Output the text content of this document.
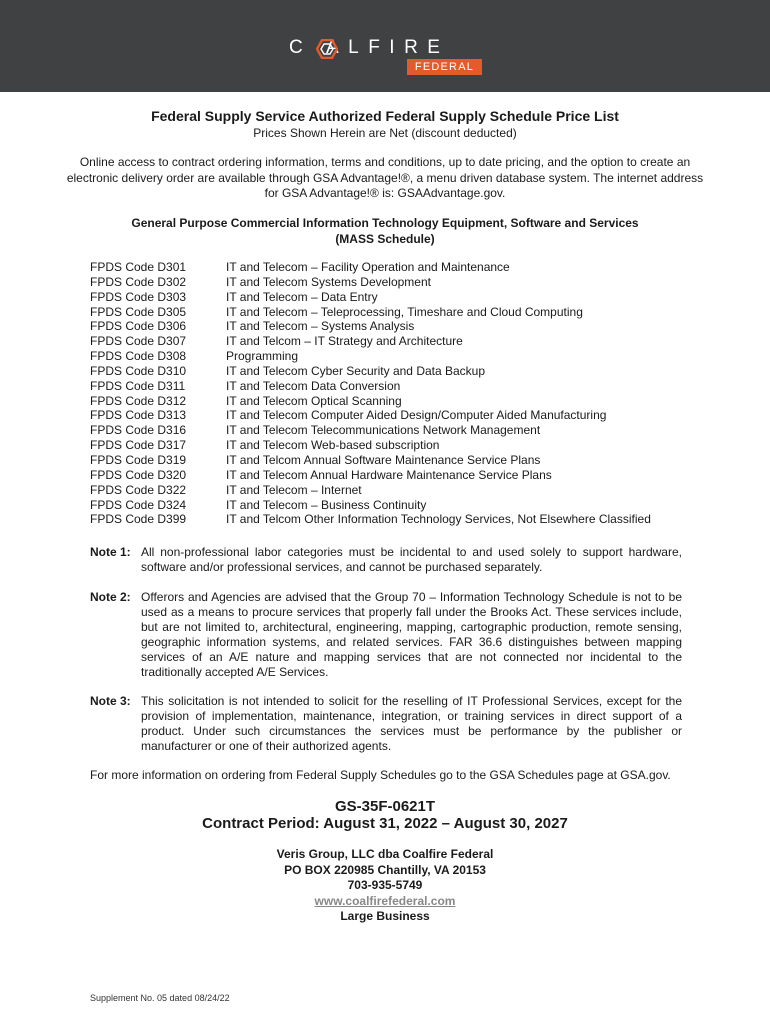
C ALFIRE
FEDERAL
Federal Supply Service Authorized Federal Supply Schedule Price List
Prices Shown Herein are Net (discount deducted)
Online access to contract ordering information, terms and conditions, up to date pricing, and the option to create an electronic delivery order are available through GSA Advantage!®, a menu driven database system. The internet address for GSA Advantage!® is: GSAAdvantage.gov.
General Purpose Commercial Information Technology Equipment, Software and Services
(MASS Schedule)
FPDS Code D301	IT and Telecom – Facility Operation and Maintenance
FPDS Code D302	IT and Telecom Systems Development
FPDS Code D303	IT and Telecom – Data Entry
FPDS Code D305	IT and Telecom – Teleprocessing, Timeshare and Cloud Computing
FPDS Code D306	IT and Telecom – Systems Analysis
FPDS Code D307	IT and Telcom – IT Strategy and Architecture
FPDS Code D308	Programming
FPDS Code D310	IT and Telecom Cyber Security and Data Backup
FPDS Code D311	IT and Telecom Data Conversion
FPDS Code D312	IT and Telecom Optical Scanning
FPDS Code D313	IT and Telecom Computer Aided Design/Computer Aided Manufacturing
FPDS Code D316	IT and Telecom Telecommunications Network Management
FPDS Code D317	IT and Telecom Web-based subscription
FPDS Code D319	IT and Telcom Annual Software Maintenance Service Plans
FPDS Code D320	IT and Telecom Annual Hardware Maintenance Service Plans
FPDS Code D322	IT and Telecom – Internet
FPDS Code D324	IT and Telecom – Business Continuity
FPDS Code D399	IT and Telcom Other Information Technology Services, Not Elsewhere Classified
Note 1: All non-professional labor categories must be incidental to and used solely to support hardware, software and/or professional services, and cannot be purchased separately.
Note 2: Offerors and Agencies are advised that the Group 70 – Information Technology Schedule is not to be used as a means to procure services that properly fall under the Brooks Act. These services include, but are not limited to, architectural, engineering, mapping, cartographic production, remote sensing, geographic information systems, and related services. FAR 36.6 distinguishes between mapping services of an A/E nature and mapping services that are not connected nor incidental to the traditionally accepted A/E Services.
Note 3: This solicitation is not intended to solicit for the reselling of IT Professional Services, except for the provision of implementation, maintenance, integration, or training services in direct support of a product. Under such circumstances the services must be performance by the publisher or manufacturer or one of their authorized agents.
For more information on ordering from Federal Supply Schedules go to the GSA Schedules page at GSA.gov.
GS-35F-0621T
Contract Period: August 31, 2022 – August 30, 2027
Veris Group, LLC dba Coalfire Federal
PO BOX 220985 Chantilly, VA 20153
703-935-5749
www.coalfirefederal.com
Large Business
Supplement No. 05 dated 08/24/22
